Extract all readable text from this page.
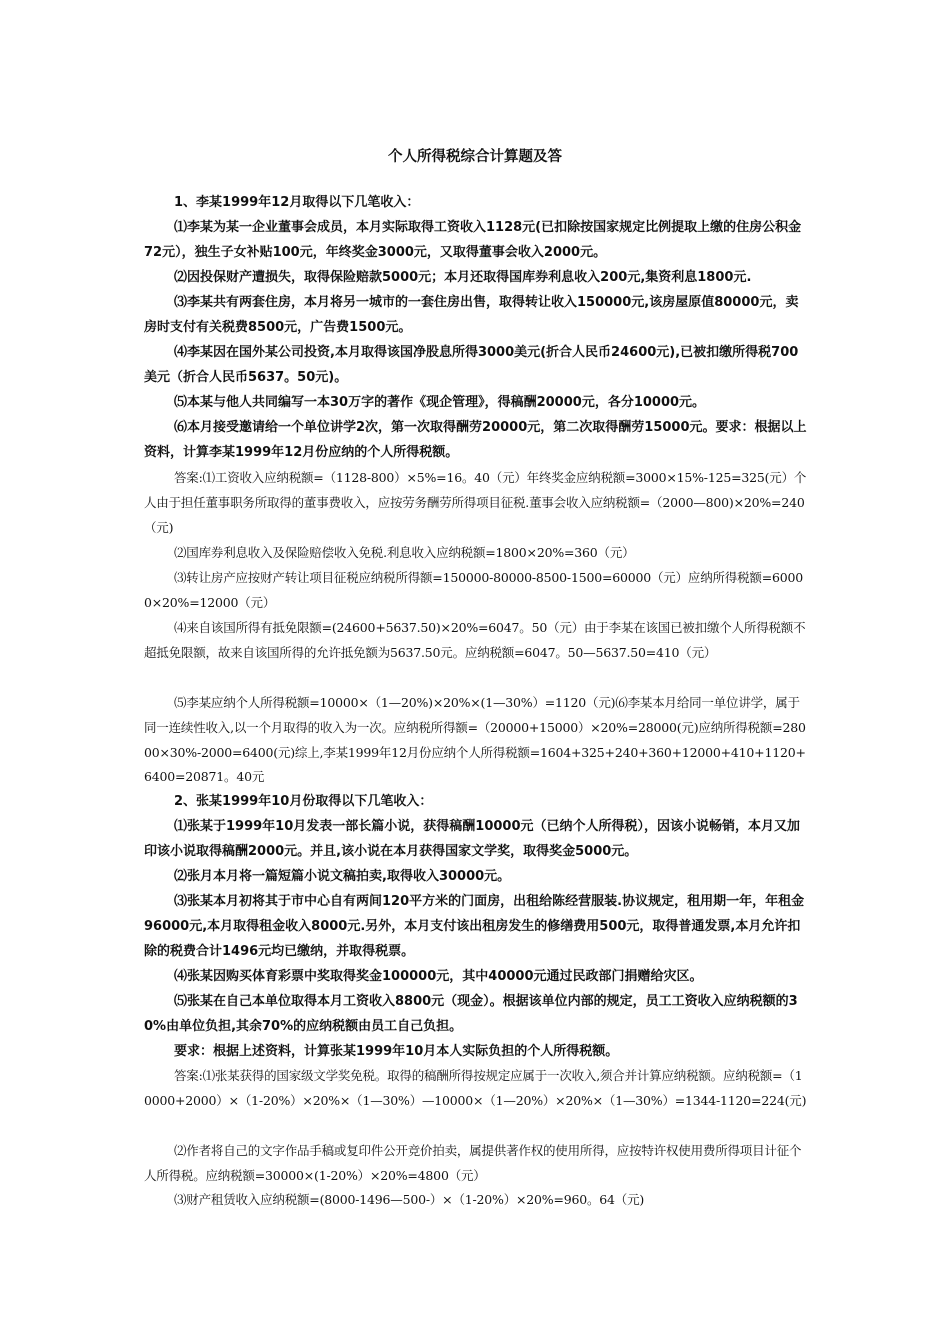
个人所得税综合计算题及答

1、李某1999年12月取得以下几笔收入：

⑴李某为某一企业董事会成员，本月实际取得工资收入1128元(已扣除按国家规定比例提取上缴的住房公积金72元），独生子女补贴100元，年终奖金3000元，又取得董事会收入2000元。

⑵因投保财产遭损失，取得保险赔款5000元；本月还取得国库券利息收入200元,集资利息1800元.

⑶李某共有两套住房，本月将另一城市的一套住房出售，取得转让收入150000元,该房屋原值80000元，卖房时支付有关税费8500元，广告费1500元。

⑷李某因在国外某公司投资,本月取得该国净股息所得3000美元(折合人民币24600元),已被扣缴所得税700美元（折合人民币5637。50元)。

⑸本某与他人共同编写一本30万字的著作《现企管理》，得稿酬20000元，各分10000元。

⑹本月接受邀请给一个单位讲学2次，第一次取得酬劳20000元，第二次取得酬劳15000元。要求：根据以上资料，计算李某1999年12月份应纳的个人所得税额。

答案:⑴工资收入应纳税额=（1128-800）×5%=16。40（元）年终奖金应纳税额=3000×15%-125=325(元）个人由于担任董事职务所取得的董事费收入，应按劳务酬劳所得项目征税.董事会收入应纳税额=（2000—800)×20%=240（元)

⑵国库券利息收入及保险赔偿收入免税.利息收入应纳税额=1800×20%=360（元）

⑶转让房产应按财产转让项目征税应纳税所得额=150000-80000-8500-1500=60000（元）应纳所得税额=60000×20%=12000（元）

⑷来自该国所得有抵免限额=(24600+5637.50)×20%=6047。50（元）由于李某在该国已被扣缴个人所得税额不超抵免限额，故来自该国所得的允许抵免额为5637.50元。应纳税额=6047。50—5637.50=410（元）

⑸李某应纳个人所得税额=10000×（1—20%)×20%×(1—30%）=1120（元)⑹李某本月给同一单位讲学，属于同一连续性收入,以一个月取得的收入为一次。应纳税所得额=（20000+15000）×20%=28000(元)应纳所得税额=28000×30%-2000=6400(元)综上,李某1999年12月份应纳个人所得税额=1604+325+240+360+12000+410+1120+6400=20871。40元

2、张某1999年10月份取得以下几笔收入：

⑴张某于1999年10月发表一部长篇小说，获得稿酬10000元（已纳个人所得税），因该小说畅销，本月又加印该小说取得稿酬2000元。并且,该小说在本月获得国家文学奖，取得奖金5000元。

⑵张月本月将一篇短篇小说文稿拍卖,取得收入30000元。

⑶张某本月初将其于市中心自有两间120平方米的门面房，出租给陈经营服装.协议规定，租用期一年，年租金96000元,本月取得租金收入8000元.另外，本月支付该出租房发生的修缮费用500元，取得普通发票,本月允许扣除的税费合计1496元均已缴纳，并取得税票。

⑷张某因购买体育彩票中奖取得奖金100000元，其中40000元通过民政部门捐赠给灾区。

⑸张某在自己本单位取得本月工资收入8800元（现金）。根据该单位内部的规定，员工工资收入应纳税额的30%由单位负担,其余70%的应纳税额由员工自己负担。

要求：根据上述资料，计算张某1999年10月本人实际负担的个人所得税额。

答案:⑴张某获得的国家级文学奖免税。取得的稿酬所得按规定应属于一次收入,须合并计算应纳税额。应纳税额=（10000+2000）×（1-20%）×20%×（1—30%）—10000×（1—20%）×20%×（1—30%）=1344-1120=224(元)

⑵作者将自己的文字作品手稿或复印件公开竞价拍卖，属提供著作权的使用所得，应按特许权使用费所得项目计征个人所得税。应纳税额=30000×(1-20%）×20%=4800（元）

⑶财产租赁收入应纳税额=(8000-1496—500-）×（1-20%）×20%=960。64（元)
